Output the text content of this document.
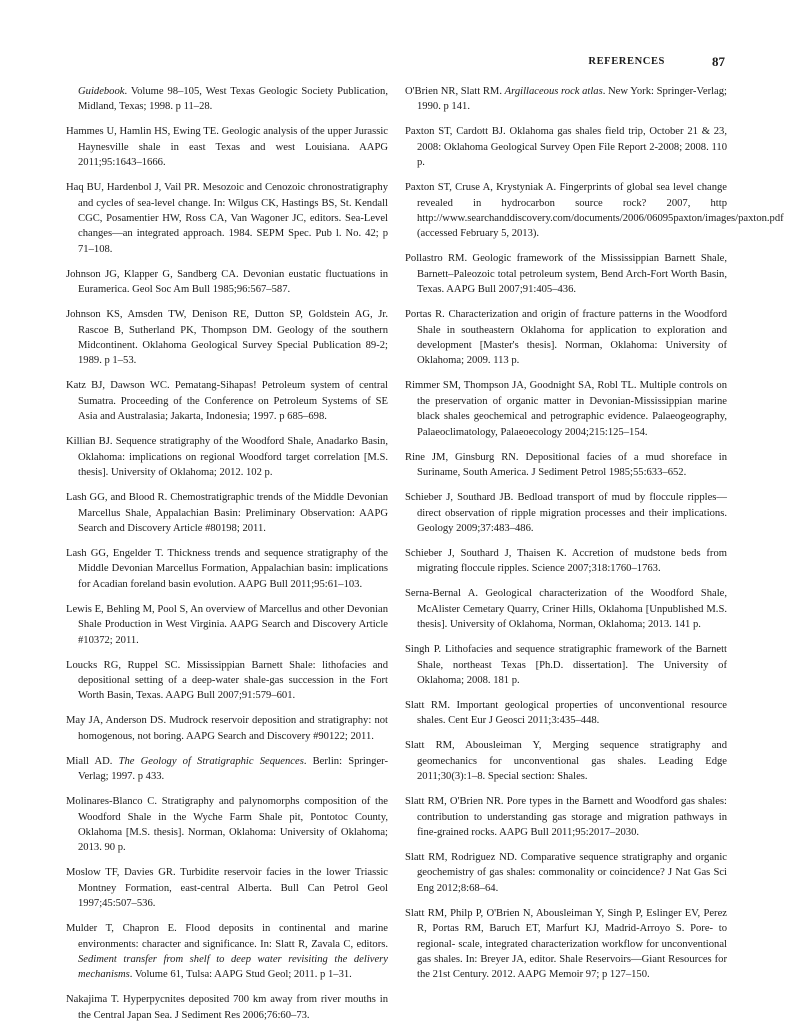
REFERENCES	87

Guidebook. Volume 98–105, West Texas Geologic Society Publication, Midland, Texas; 1998. p 11–28.

Hammes U, Hamlin HS, Ewing TE. Geologic analysis of the upper Jurassic Haynesville shale in east Texas and west Louisiana. AAPG 2011;95:1643–1666.

Haq BU, Hardenbol J, Vail PR. Mesozoic and Cenozoic chronostratigraphy and cycles of sea-level change. In: Wilgus CK, Hastings BS, St. Kendall CGC, Posamentier HW, Ross CA, Van Wagoner JC, editors. Sea-Level changes—an integrated approach. 1984. SEPM Spec. Pub l. No. 42; p 71–108.

Johnson JG, Klapper G, Sandberg CA. Devonian eustatic fluctuations in Euramerica. Geol Soc Am Bull 1985;96:567–587.

Johnson KS, Amsden TW, Denison RE, Dutton SP, Goldstein AG, Jr. Rascoe B, Sutherland PK, Thompson DM. Geology of the southern Midcontinent. Oklahoma Geological Survey Special Publication 89-2; 1989. p 1–53.

Katz BJ, Dawson WC. Pematang-Sihapas! Petroleum system of central Sumatra. Proceeding of the Conference on Petroleum Systems of SE Asia and Australasia; Jakarta, Indonesia; 1997. p 685–698.

Killian BJ. Sequence stratigraphy of the Woodford Shale, Anadarko Basin, Oklahoma: implications on regional Woodford target correlation [M.S. thesis]. University of Oklahoma; 2012. 102 p.

Lash GG, and Blood R. Chemostratigraphic trends of the Middle Devonian Marcellus Shale, Appalachian Basin: Preliminary Observation: AAPG Search and Discovery Article #80198; 2011.

Lash GG, Engelder T. Thickness trends and sequence stratigraphy of the Middle Devonian Marcellus Formation, Appalachian basin: implications for Acadian foreland basin evolution. AAPG Bull 2011;95:61–103.

Lewis E, Behling M, Pool S, An overview of Marcellus and other Devonian Shale Production in West Virginia. AAPG Search and Discovery Article #10372; 2011.

Loucks RG, Ruppel SC. Mississippian Barnett Shale: lithofacies and depositional setting of a deep-water shale-gas succession in the Fort Worth Basin, Texas. AAPG Bull 2007;91:579–601.

May JA, Anderson DS. Mudrock reservoir deposition and stratigraphy: not homogenous, not boring. AAPG Search and Discovery #90122; 2011.

Miall AD. The Geology of Stratigraphic Sequences. Berlin: Springer-Verlag; 1997. p 433.

Molinares-Blanco C. Stratigraphy and palynomorphs composition of the Woodford Shale in the Wyche Farm Shale pit, Pontotoc County, Oklahoma [M.S. thesis]. Norman, Oklahoma: University of Oklahoma; 2013. 90 p.

Moslow TF, Davies GR. Turbidite reservoir facies in the lower Triassic Montney Formation, east-central Alberta. Bull Can Petrol Geol 1997;45:507–536.

Mulder T, Chapron E. Flood deposits in continental and marine environments: character and significance. In: Slatt R, Zavala C, editors. Sediment transfer from shelf to deep water revisiting the delivery mechanisms. Volume 61, Tulsa: AAPG Stud Geol; 2011. p 1–31.

Nakajima T. Hyperpycnites deposited 700 km away from river mouths in the Central Japan Sea. J Sediment Res 2006;76:60–73.

O'Brien NR, Slatt RM. Argillaceous rock atlas. New York: Springer-Verlag; 1990. p 141.

Paxton ST, Cardott BJ. Oklahoma gas shales field trip, October 21 & 23, 2008: Oklahoma Geological Survey Open File Report 2-2008; 2008. 110 p.

Paxton ST, Cruse A, Krystyniak A. Fingerprints of global sea level change revealed in hydrocarbon source rock? 2007, http http://www.searchanddiscovery.com/documents/2006/06095paxton/images/paxton.pdf (accessed February 5, 2013).

Pollastro RM. Geologic framework of the Mississippian Barnett Shale, Barnett–Paleozoic total petroleum system, Bend Arch-Fort Worth Basin, Texas. AAPG Bull 2007;91:405–436.

Portas R. Characterization and origin of fracture patterns in the Woodford Shale in southeastern Oklahoma for application to exploration and development [Master's thesis]. Norman, Oklahoma: University of Oklahoma; 2009. 113 p.

Rimmer SM, Thompson JA, Goodnight SA, Robl TL. Multiple controls on the preservation of organic matter in Devonian-Mississippian marine black shales geochemical and petrographic evidence. Palaeogeography, Palaeoclimatology, Palaeoecology 2004;215:125–154.

Rine JM, Ginsburg RN. Depositional facies of a mud shoreface in Suriname, South America. J Sediment Petrol 1985;55:633–652.

Schieber J, Southard JB. Bedload transport of mud by floccule ripples—direct observation of ripple migration processes and their implications. Geology 2009;37:483–486.

Schieber J, Southard J, Thaisen K. Accretion of mudstone beds from migrating floccule ripples. Science 2007;318:1760–1763.

Serna-Bernal A. Geological characterization of the Woodford Shale, McAlister Cemetary Quarry, Criner Hills, Oklahoma [Unpublished M.S. thesis]. University of Oklahoma, Norman, Oklahoma; 2013. 141 p.

Singh P. Lithofacies and sequence stratigraphic framework of the Barnett Shale, northeast Texas [Ph.D. dissertation]. The University of Oklahoma; 2008. 181 p.

Slatt RM. Important geological properties of unconventional resource shales. Cent Eur J Geosci 2011;3:435–448.

Slatt RM, Abousleiman Y, Merging sequence stratigraphy and geomechanics for unconventional gas shales. Leading Edge 2011;30(3):1–8. Special section: Shales.

Slatt RM, O'Brien NR. Pore types in the Barnett and Woodford gas shales: contribution to understanding gas storage and migration pathways in fine-grained rocks. AAPG Bull 2011;95:2017–2030.

Slatt RM, Rodriguez ND. Comparative sequence stratigraphy and organic geochemistry of gas shales: commonality or coincidence? J Nat Gas Sci Eng 2012;8:68–64.

Slatt RM, Philp P, O'Brien N, Abousleiman Y, Singh P, Eslinger EV, Perez R, Portas RM, Baruch ET, Marfurt KJ, Madrid-Arroyo S. Pore- to regional- scale, integrated characterization workflow for unconventional gas shales. In: Breyer JA, editor. Shale Reservoirs—Giant Resources for the 21st Century. 2012. AAPG Memoir 97; p 127–150.
